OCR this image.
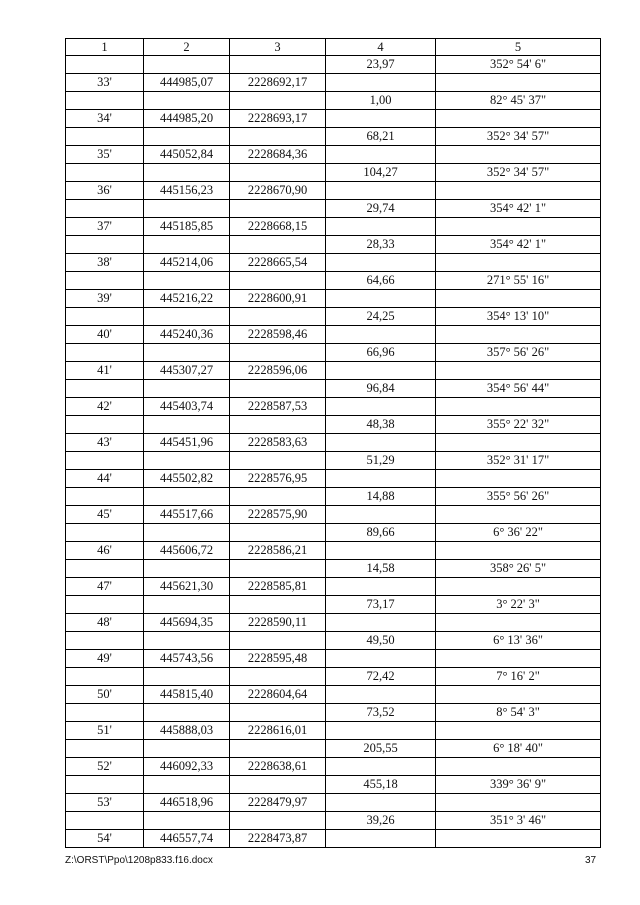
1	2	3	4	5
			23,97	352° 54' 6"
33'	444985,07	2228692,17		
			1,00	82° 45' 37"
34'	444985,20	2228693,17		
			68,21	352° 34' 57"
35'	445052,84	2228684,36		
			104,27	352° 34' 57"
36'	445156,23	2228670,90		
			29,74	354° 42' 1"
37'	445185,85	2228668,15		
			28,33	354° 42' 1"
38'	445214,06	2228665,54		
			64,66	271° 55' 16"
39'	445216,22	2228600,91		
			24,25	354° 13' 10"
40'	445240,36	2228598,46		
			66,96	357° 56' 26"
41'	445307,27	2228596,06		
			96,84	354° 56' 44"
42'	445403,74	2228587,53		
			48,38	355° 22' 32"
43'	445451,96	2228583,63		
			51,29	352° 31' 17"
44'	445502,82	2228576,95		
			14,88	355° 56' 26"
45'	445517,66	2228575,90		
			89,66	6° 36' 22"
46'	445606,72	2228586,21		
			14,58	358° 26' 5"
47'	445621,30	2228585,81		
			73,17	3° 22' 3"
48'	445694,35	2228590,11		
			49,50	6° 13' 36"
49'	445743,56	2228595,48		
			72,42	7° 16' 2"
50'	445815,40	2228604,64		
			73,52	8° 54' 3"
51'	445888,03	2228616,01		
			205,55	6° 18' 40"
52'	446092,33	2228638,61		
			455,18	339° 36' 9"
53'	446518,96	2228479,97		
			39,26	351° 3' 46"
54'	446557,74	2228473,87		
Z:\ORST\Ppo\1208p833.f16.docx	37
